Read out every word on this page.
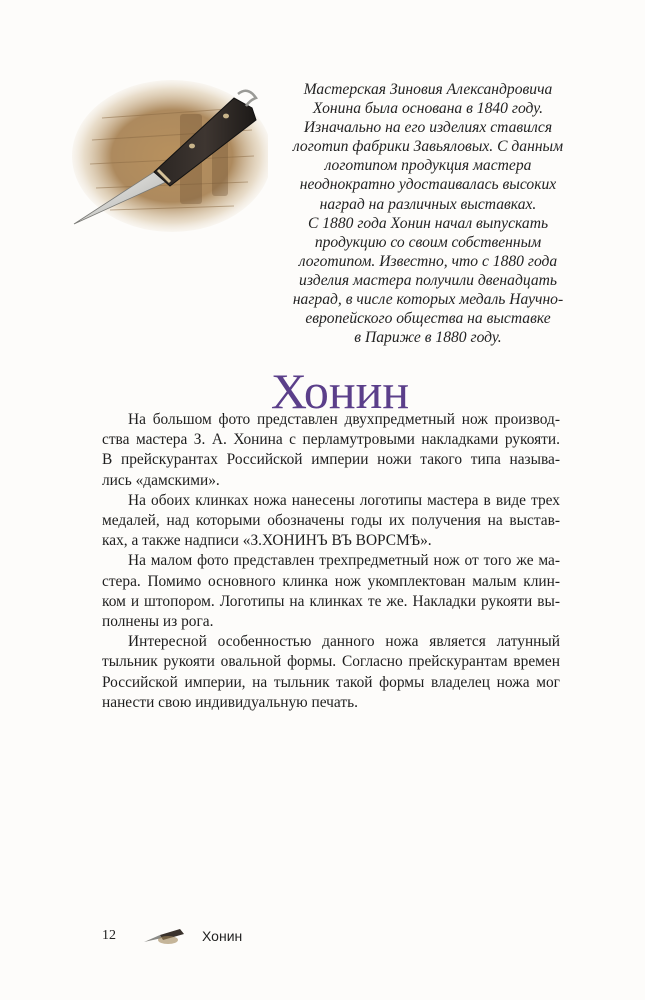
Мастерская Зиновия Александровича
Хонина была основана в 1840 году.
Изначально на его изделиях ставился
логотип фабрики Завьяловых. С данным
логотипом продукция мастера
неоднократно удостаивалась высоких
наград на различных выставках.
С 1880 года Хонин начал выпускать
продукцию со своим собственным
логотипом. Известно, что с 1880 года
изделия мастера получили двенадцать
наград, в числе которых медаль Научно-
европейского общества на выставке
в Париже в 1880 году.
Хонин
На большом фото представлен двухпредметный нож производ-
ства мастера З. А. Хонина с перламутровыми накладками рукояти.
В прейскурантах Российской империи ножи такого типа называ-
лись «дамскими».
На обоих клинках ножа нанесены логотипы мастера в виде трех
медалей, над которыми обозначены годы их получения на выстав-
ках, а также надписи «З.ХОНИНЪ ВЪ ВОРСМѢ».
На малом фото представлен трехпредметный нож от того же ма-
стера. Помимо основного клинка нож укомплектован малым клин-
ком и штопором. Логотипы на клинках те же. Накладки рукояти вы-
полнены из рога.
Интересной особенностью данного ножа является латунный
тыльник рукояти овальной формы. Согласно прейскурантам времен
Российской империи, на тыльник такой формы владелец ножа мог
нанести свою индивидуальную печать.
12	Хонин
